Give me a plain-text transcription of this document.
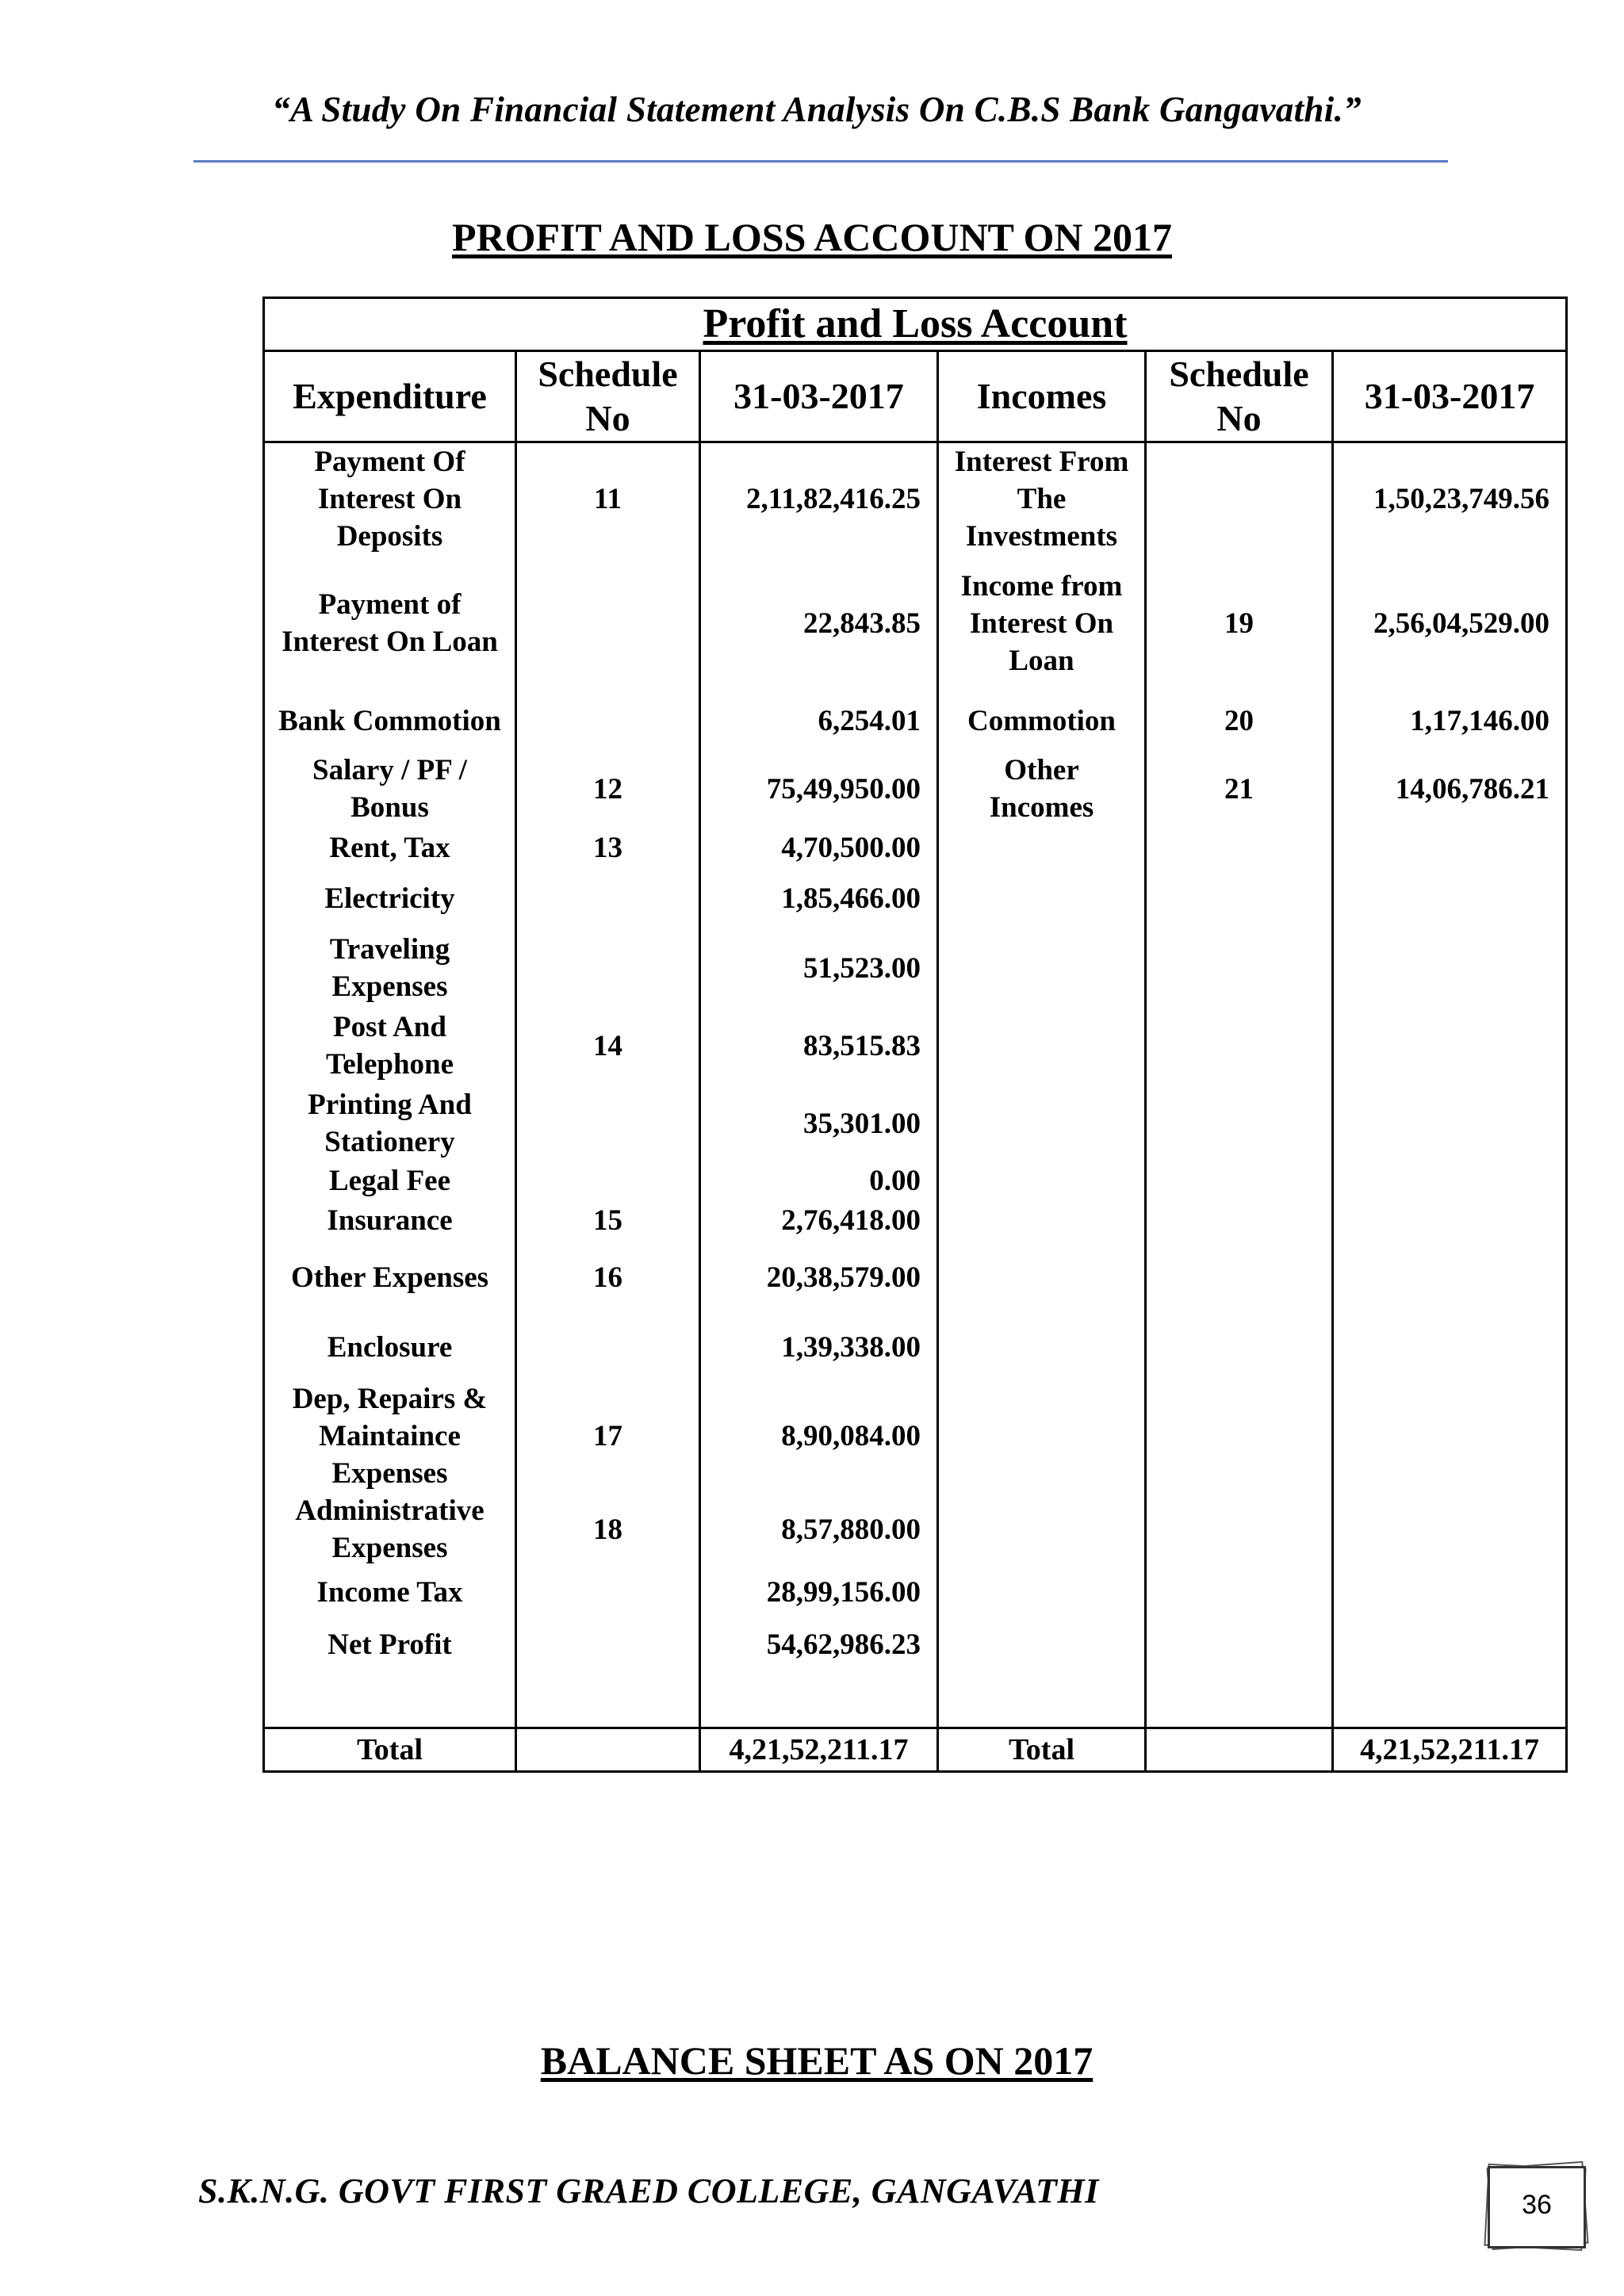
“A Study On Financial Statement Analysis On C.B.S Bank Gangavathi.”
PROFIT AND LOSS ACCOUNT ON 2017
Profit and Loss Account					
Expenditure	Schedule No	31-03-2017	Incomes	Schedule No	31-03-2017
Payment Of Interest On Deposits	11	2,11,82,416.25	Interest From The Investments		1,50,23,749.56
Payment of Interest On Loan		22,843.85	Income from Interest On Loan	19	2,56,04,529.00
Bank Commotion		6,254.01	Commotion	20	1,17,146.00
Salary / PF / Bonus	12	75,49,950.00	Other Incomes	21	14,06,786.21
Rent, Tax	13	4,70,500.00			
Electricity		1,85,466.00			
Traveling Expenses		51,523.00			
Post And Telephone	14	83,515.83			
Printing And Stationery		35,301.00			
Legal Fee		0.00			
Insurance	15	2,76,418.00			
Other Expenses	16	20,38,579.00			
Enclosure		1,39,338.00			
Dep, Repairs & Maintaince Expenses	17	8,90,084.00			
Administrative Expenses	18	8,57,880.00			
Income Tax		28,99,156.00			
Net Profit		54,62,986.23			

Total		4,21,52,211.17	Total		4,21,52,211.17
BALANCE SHEET AS ON 2017
S.K.N.G. GOVT FIRST GRAED COLLEGE, GANGAVATHI	36
